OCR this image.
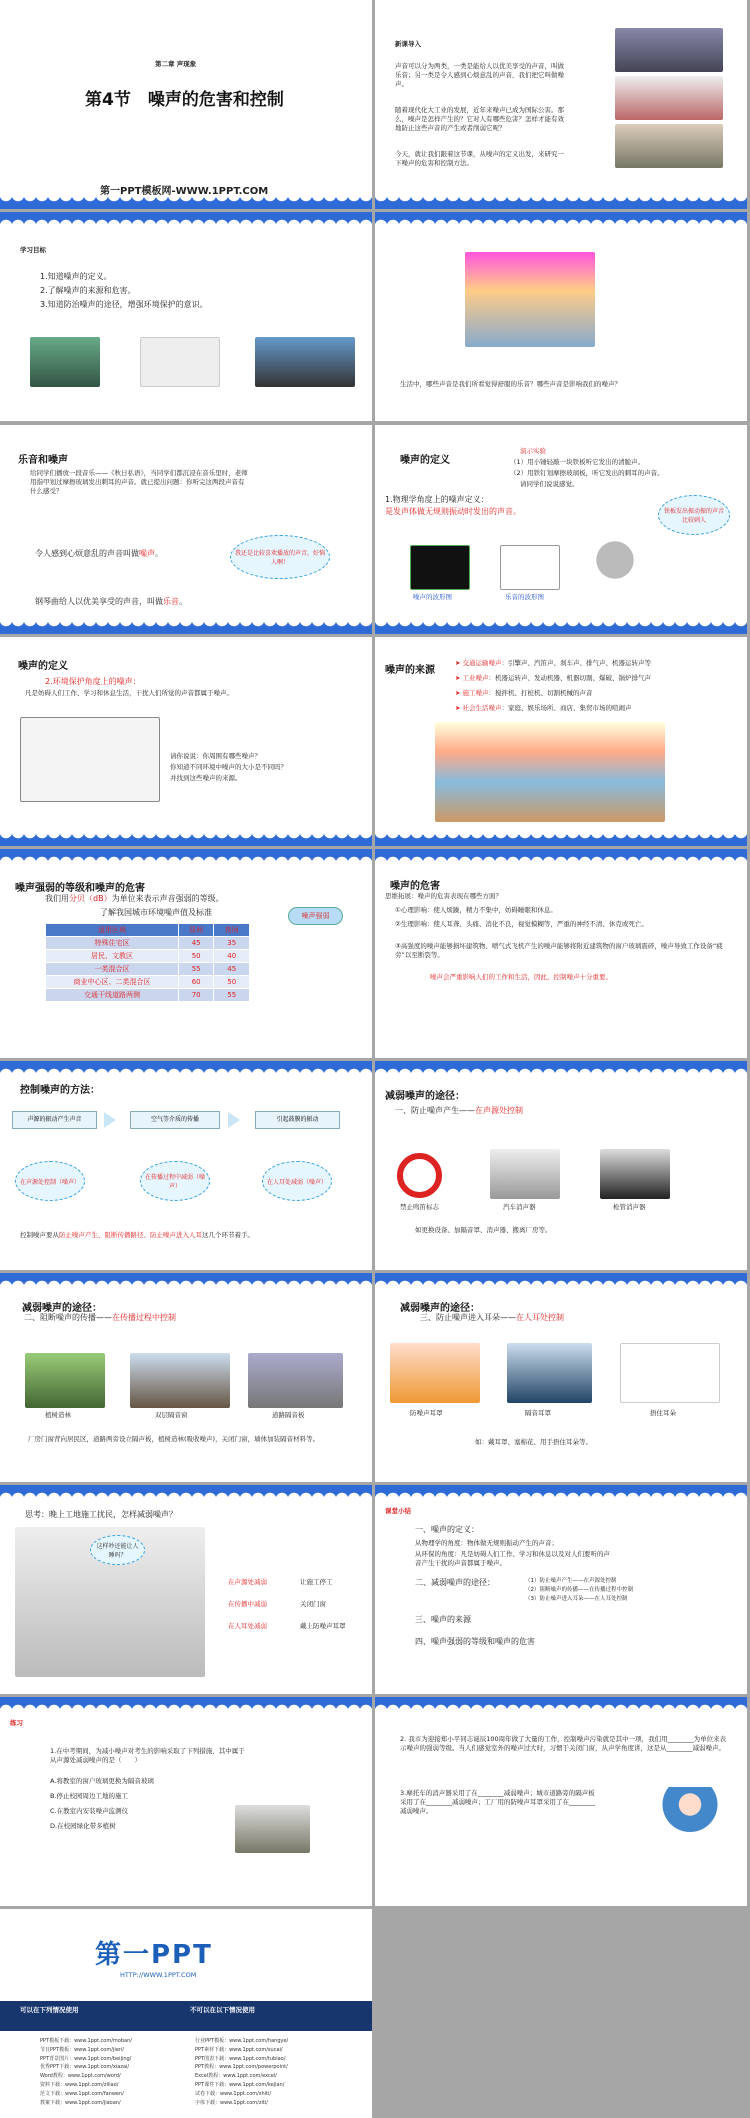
第二章 声现象
第4节　噪声的危害和控制
第一PPT模板网-WWW.1PPT.COM
新课导入
声音可以分为两类，一类是能给人以优美享受的声音，叫做乐音；另一类是令人感到心烦意乱的声音，我们把它叫做噪声。
随着现代化大工业的发展，近年来噪声已成为国际公害。那么，噪声是怎样产生的？它对人有哪些危害？怎样才能有效地防止这些声音的产生或者削弱它呢？
今天，就让我们跟着这节课，从噪声的定义出发，来研究一下噪声的危害和控制方法。
学习目标
1.知道噪声的定义。
2.了解噪声的来源和危害。
3.知道防治噪声的途径，增强环境保护的意识。
生活中，哪些声音是我们所看觉得舒服的乐音？哪些声音是影响我们的噪声？
乐音和噪声
给同学们播放一段音乐——《秋日私语》，当同学们都沉浸在音乐里时，老师用指甲划过摩擦玻璃发出刺耳的声音。就已提出问题：你听完这两段声音有什么感受？
我还是比较喜欢播放的声音，好恼人啊！
令人感到心烦意乱的声音叫做噪声。
钢琴曲给人以优美享受的声音，叫做乐音。
噪声的定义
演示实验
（1）用小锤轻敲一块铁板听它发出的清脆声。
（2）用铁钉划摩擦玻璃板，听它发出的刺耳的声音。
请同学们说说感觉。
1.物理学角度上的噪声定义：
是发声体做无规则振动时发出的声音。
噪声的波形图	乐音的波形图
铁板发出振动振的声音比较刺人
噪声的定义
2.环境保护角度上的噪声：
凡是妨碍人们工作、学习和休息生活，干扰人们所觉的声音都属于噪声。
请你说说：你周围有哪些噪声？
你知道不同环境中噪声的大小是不同吗？
并找到这些噪声的来源。
噪声的来源
➤ 交通运输噪声：引擎声、汽笛声、刹车声、排气声、机器运转声等
➤ 工业噪声：机器运转声、发动机器、机器切割、爆破、锅炉排气声
➤ 施工噪声：搅拌机、打桩机、切割机械的声音
➤ 社会生活噪声：家庭、娱乐场所、商店、集贸市场的喧闹声
噪声强弱的等级和噪声的危害
我们用分贝（dB）为单位来表示声音强弱的等级。
了解我国城市环境噪声值及标准
适用区域	昼间	夜间
特殊住宅区	45	35
居民、文教区	50	40
一类混合区	55	45
商业中心区、二类混合区	60	50
交通干线道路两侧	70	55
噪声强弱
噪声的危害
思维拓展：噪声的危害表现在哪些方面？
①心理影响：使人烦躁，精力不集中，妨碍睡眠和休息。
②生理影响：使人耳聋、头痛、消化不良，视觉模糊等，严重的神经不清、休克或死亡。
③高强度的噪声能够损坏建筑物、喷气式飞机产生的噪声能够将附近建筑物的窗户玻璃震碎，噪声导致工作设备“疲劳”以至断裂等。
噪声会严重影响人们的工作和生活，因此，控制噪声十分重要。
控制噪声的方法：
声源的振动产生声音	空气等介质的传播	引起鼓膜的振动
在声源处控制（噪声）
在传播过程中减弱（噪声）
在人耳处减弱（噪声）
控制噪声要从防止噪声产生、阻断传播路径、防止噪声进入人耳这几个环节着手。
减弱噪声的途径：
一、防止噪声产生——在声源处控制
禁止鸣笛标志	汽车消声器	枪管消声器
如更换设备、加隔音罩、消声器、搬离厂房等。
减弱噪声的途径：
二、阻断噪声的传播——在传播过程中控制
植树造林	双层隔音窗	道路隔音板
厂房门窗背向居民区，道路两旁设立隔声板，植树造林(吸收噪声)，关闭门窗，墙体加装隔音材料等。
减弱噪声的途径：
三、防止噪声进入耳朵——在人耳处控制
防噪声耳罩	隔音耳罩	捂住耳朵
如：戴耳罩、塞棉花、用手捂住耳朵等。
思考：晚上工地施工扰民，怎样减弱噪声？
这样吵还能让人睡吗？
在声源处减弱
在传播中减弱
在人耳处减弱
让施工停工
关闭门窗
戴上防噪声耳罩
课堂小结
一、噪声的定义：
从物理学的角度：物体做无规则振动产生的声音；
从环保的角度：凡是妨碍人们工作、学习和休息以及对人们要听的声音产生干扰的声音都属于噪声。
二、减弱噪声的途径：	（1）防止噪声产生——在声源处控制
（2）阻断噪声的传播——在传播过程中控制
（3）防止噪声进入耳朵——在人耳处控制
三、噪声的来源
四、噪声强弱的等级和噪声的危害
练习
1.在中考期间，为减小噪声对考生的影响采取了下列措施，其中属于从声源处减弱噪声的是（　　）
A.将教室的窗户玻璃更换为隔音玻璃
B.停止校园周边工地的施工
C.在教室内安装噪声监测仪
D.在校园绿化带多植树
2. 我市为迎接郑小平同志诞辰100周年做了大量的工作，控制噪声污染就是其中一项，我们用________为单位来表示噪声的强弱等级。当人们感觉室外的噪声过大时，习惯于关闭门窗，从声学角度讲，这是从________减弱噪声。
3.摩托车的消声器采用了在________减弱噪声；城市道路旁的隔声板采用了在________减弱噪声；工厂用的防噪声耳罩采用了在________减弱噪声。
第一PPT
HTTP://WWW.1PPT.COM
可以在下列情况使用	不可以在以下情况使用
PPT模板下载：www.1ppt.com/moban/
节日PPT模板：www.1ppt.com/jieri/
PPT背景图片：www.1ppt.com/beijing/
优秀PPT下载：www.1ppt.com/xiazai/
Word教程：www.1ppt.com/word/
资料下载：www.1ppt.com/ziliao/
范文下载：www.1ppt.com/fanwen/
教案下载：www.1ppt.com/jiaoan/
行业PPT模板：www.1ppt.com/hangye/
PPT素材下载：www.1ppt.com/sucai/
PPT图表下载：www.1ppt.com/tubiao/
PPT教程：www.1ppt.com/powerpoint/
Excel教程：www.1ppt.com/excel/
PPT课件下载：www.1ppt.com/kejian/
试卷下载：www.1ppt.com/shiti/
字体下载：www.1ppt.com/ziti/
